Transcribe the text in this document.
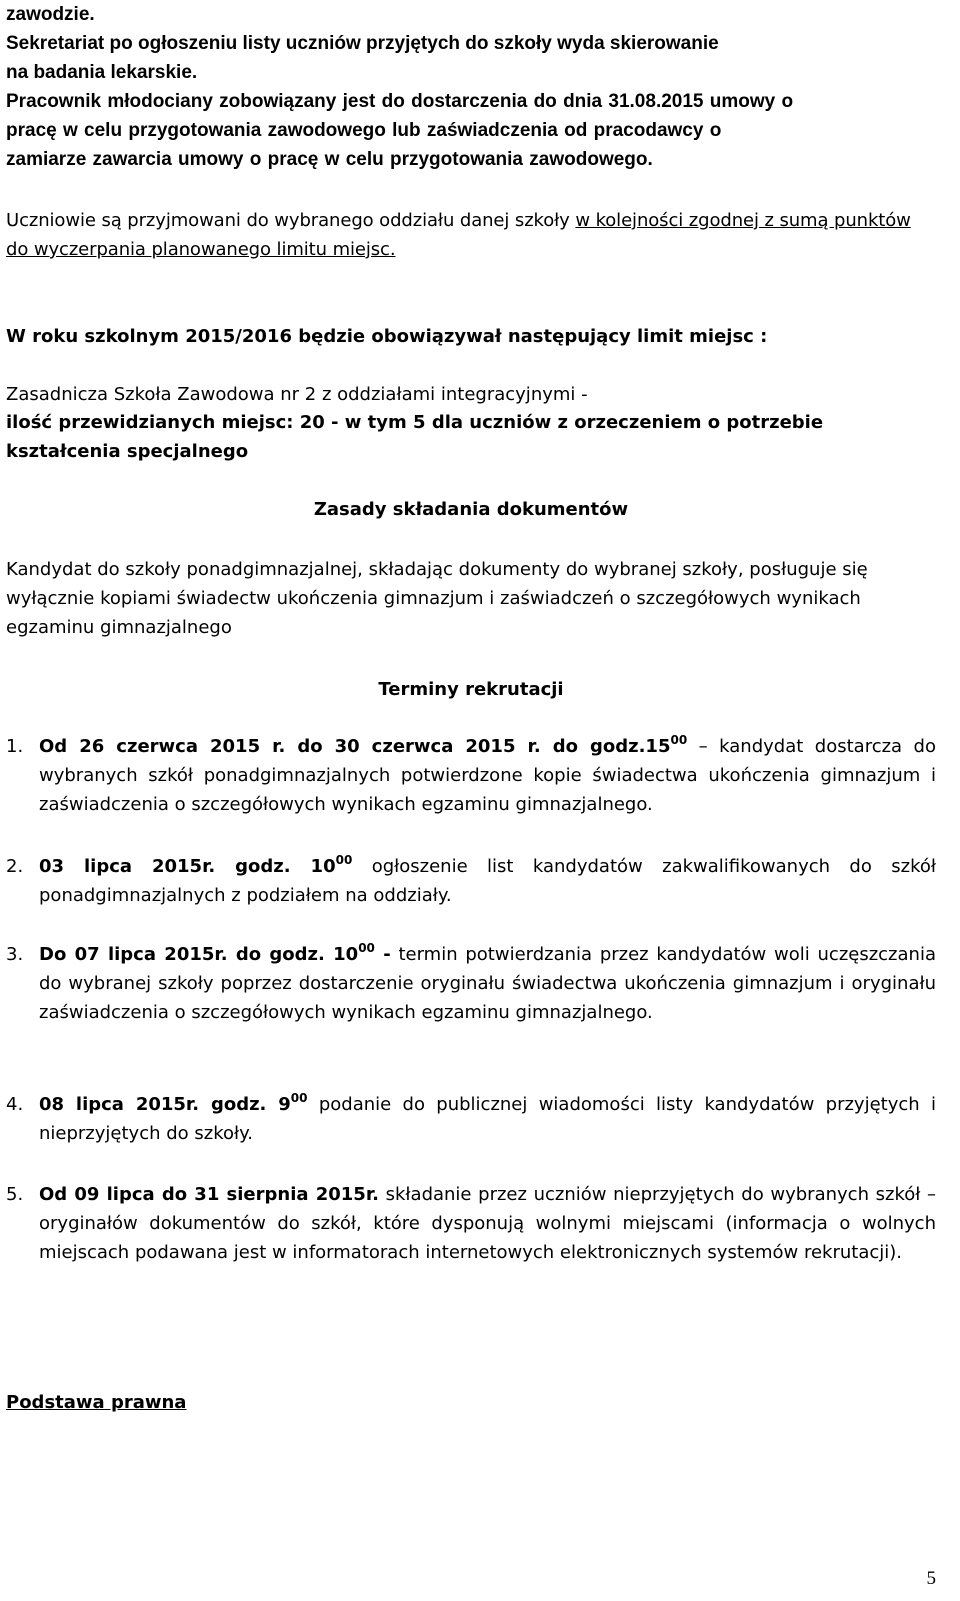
zawodzie.
Sekretariat po ogłoszeniu listy uczniów przyjętych do szkoły wyda skierowanie
na badania lekarskie.
Pracownik młodociany zobowiązany jest do dostarczenia do dnia 31.08.2015 umowy o
pracę w celu przygotowania zawodowego lub zaświadczenia od pracodawcy o
zamiarze zawarcia umowy o pracę w celu przygotowania zawodowego.

Uczniowie są przyjmowani do wybranego oddziału danej szkoły w kolejności zgodnej z sumą punktów do wyczerpania planowanego limitu miejsc.

W roku szkolnym 2015/2016 będzie obowiązywał następujący limit miejsc :

Zasadnicza Szkoła Zawodowa nr 2 z oddziałami integracyjnymi -

ilość przewidzianych miejsc: 20 - w tym 5 dla uczniów z orzeczeniem o potrzebie kształcenia specjalnego

Zasady składania dokumentów

Kandydat do szkoły ponadgimnazjalnej, składając dokumenty do wybranej szkoły, posługuje się wyłącznie kopiami świadectw ukończenia gimnazjum i zaświadczeń o szczegółowych wynikach egzaminu gimnazjalnego

Terminy rekrutacji

1. Od 26 czerwca 2015 r. do 30 czerwca 2015 r. do $godz.15^{00}$ – kandydat dostarcza do wybranych szkół ponadgimnazjalnych potwierdzone kopie świadectwa ukończenia gimnazjum i zaświadczenia o szczegółowych wynikach egzaminu gimnazjalnego.
2. 03 lipca 2015r. godz. $10^{00}$ ogłoszenie list kandydatów zakwalifikowanych do szkół ponadgimnazjalnych z podziałem na oddziały.
3. Do 07 lipca 2015r. do godz. $10^{00}$ - termin potwierdzania przez kandydatów woli uczęszczania do wybranej szkoły poprzez dostarczenie oryginału świadectwa ukończenia gimnazjum i oryginału zaświadczenia o szczegółowych wynikach egzaminu gimnazjalnego.
4. 08 lipca 2015r. godz. $9^{00}$ podanie do publicznej wiadomości listy kandydatów przyjętych i nieprzyjętych do szkoły.
5. Od 09 lipca do 31 sierpnia 2015r. składanie przez uczniów nieprzyjętych do wybranych szkół – oryginałów dokumentów do szkół, które dysponują wolnymi miejscami (informacja o wolnych miejscach podawana jest w informatorach internetowych elektronicznych systemów rekrutacji).

Podstawa prawna

5
